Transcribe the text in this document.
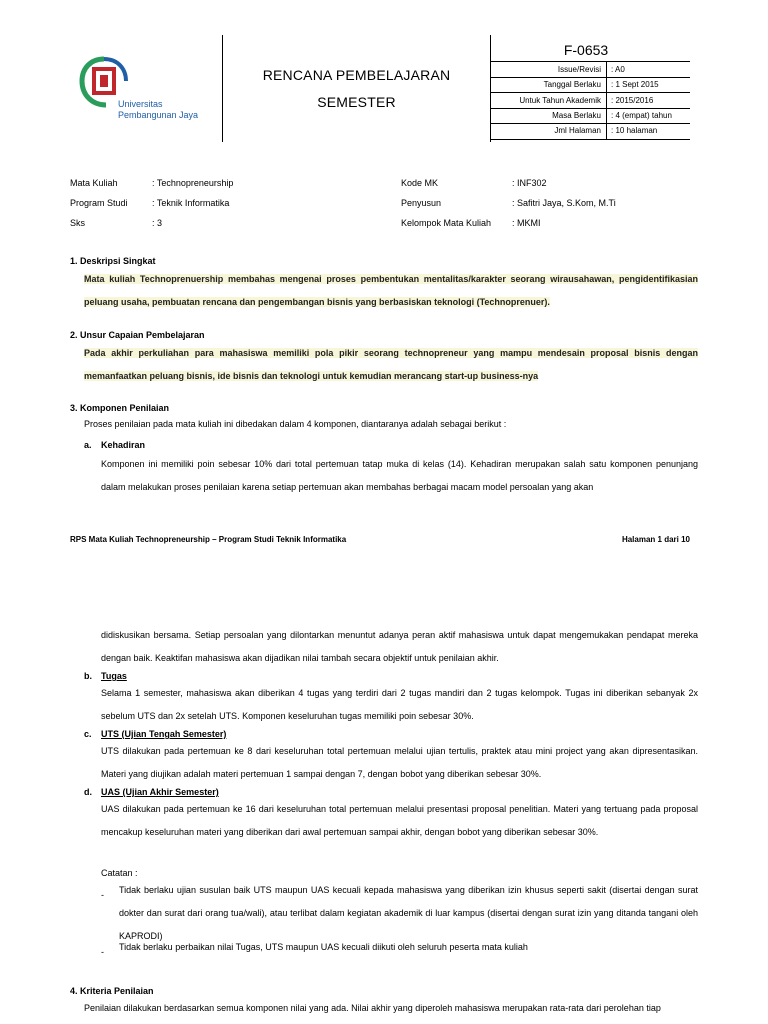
Universitas
Pembangunan Jaya
RENCANA PEMBELAJARAN
SEMESTER
F-0653
Issue/Revisi : A0
Tanggal Berlaku : 1 Sept 2015
Untuk Tahun Akademik : 2015/2016
Masa Berlaku : 4 (empat) tahun
Jml Halaman : 10 halaman
Mata Kuliah	: Technopreneurship
Program Studi	: Teknik Informatika
Sks	: 3
Kode MK	: INF302
Penyusun	: Safitri Jaya, S.Kom, M.Ti
Kelompok Mata Kuliah : MKMI
1. Deskripsi Singkat
Mata kuliah Technoprenuership membahas mengenai proses pembentukan mentalitas/karakter seorang wirausahawan, pengidentifikasian peluang usaha, pembuatan rencana dan pengembangan bisnis yang berbasiskan teknologi (Technoprenuer).
2. Unsur Capaian Pembelajaran
Pada akhir perkuliahan para mahasiswa memiliki pola pikir seorang technopreneur yang mampu mendesain proposal bisnis dengan memanfaatkan peluang bisnis, ide bisnis dan teknologi untuk kemudian merancang start-up business-nya
3. Komponen Penilaian
Proses penilaian pada mata kuliah ini dibedakan dalam 4 komponen, diantaranya adalah sebagai berikut :
a. Kehadiran
Komponen ini memiliki poin sebesar 10% dari total pertemuan tatap muka di kelas (14). Kehadiran merupakan salah satu komponen penunjang dalam melakukan proses penilaian karena setiap pertemuan akan membahas berbagai macam model persoalan yang akan
RPS Mata Kuliah Technopreneurship – Program Studi Teknik Informatika	Halaman 1 dari 10
didiskusikan bersama. Setiap persoalan yang dilontarkan menuntut adanya peran aktif mahasiswa untuk dapat mengemukakan pendapat mereka dengan baik. Keaktifan mahasiswa akan dijadikan nilai tambah secara objektif untuk penilaian akhir.
b. Tugas
Selama 1 semester, mahasiswa akan diberikan 4 tugas yang terdiri dari 2 tugas mandiri dan 2 tugas kelompok. Tugas ini diberikan sebanyak 2x sebelum UTS dan 2x setelah UTS. Komponen keseluruhan tugas memiliki poin sebesar 30%.
c. UTS (Ujian Tengah Semester)
UTS dilakukan pada pertemuan ke 8 dari keseluruhan total pertemuan melalui ujian tertulis, praktek atau mini project yang akan dipresentasikan. Materi yang diujikan adalah materi pertemuan 1 sampai dengan 7, dengan bobot yang diberikan sebesar 30%.
d. UAS (Ujian Akhir Semester)
UAS dilakukan pada pertemuan ke 16 dari keseluruhan total pertemuan melalui presentasi proposal penelitian. Materi yang tertuang pada proposal mencakup keseluruhan materi yang diberikan dari awal pertemuan sampai akhir, dengan bobot yang diberikan sebesar 30%.
Catatan :
- Tidak berlaku ujian susulan baik UTS maupun UAS kecuali kepada mahasiswa yang diberikan izin khusus seperti sakit (disertai dengan surat dokter dan surat dari orang tua/wali), atau terlibat dalam kegiatan akademik di luar kampus (disertai dengan surat izin yang ditanda tangani oleh KAPRODI)
- Tidak berlaku perbaikan nilai Tugas, UTS maupun UAS kecuali diikuti oleh seluruh peserta mata kuliah
4. Kriteria Penilaian
Penilaian dilakukan berdasarkan semua komponen nilai yang ada. Nilai akhir yang diperoleh mahasiswa merupakan rata-rata dari perolehan tiap
